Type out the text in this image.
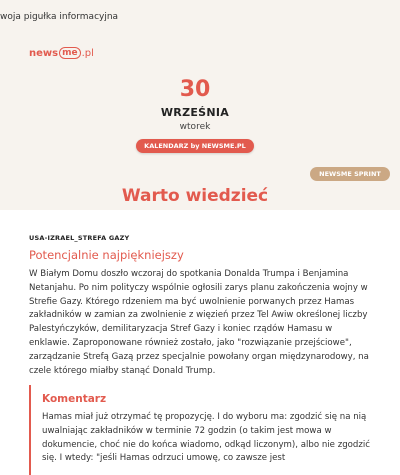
woja pigułka informacyjna
news me .pl
30
WRZEŚNIA
wtorek
KALENDARZ by NEWSME.PL
NEWSME SPRINT
Warto wiedzieć
USA-IZRAEL_STREFA GAZY
Potencjalnie najpiękniejszy
W Białym Domu doszło wczoraj do spotkania Donalda Trumpa i Benjamina Netanjahu. Po nim polityczy wspólnie ogłosili zarys planu zakończenia wojny w Strefie Gazy. Którego rdzeniem ma być uwolnienie porwanych przez Hamas zakładników w zamian za zwolnienie z więzień przez Tel Awiw określonej liczby Palestyńczyków, demilitaryzacja Stref Gazy i koniec rządów Hamasu w enklawie. Zaproponowane również zostało, jako "rozwiązanie przejściowe", zarządzanie Strefą Gazą przez specjalnie powołany organ międzynarodowy, na czele którego miałby stanąć Donald Trump.
Komentarz
Hamas miał już otrzymać tę propozycję. I do wyboru ma: zgodzić się na nią uwalniając zakładników w terminie 72 godzin (o takim jest mowa w dokumencie, choć nie do końca wiadomo, odkąd liczonym), albo nie zgodzić się. I wtedy: "jeśli Hamas odrzuci umowę, co zawsze jest
